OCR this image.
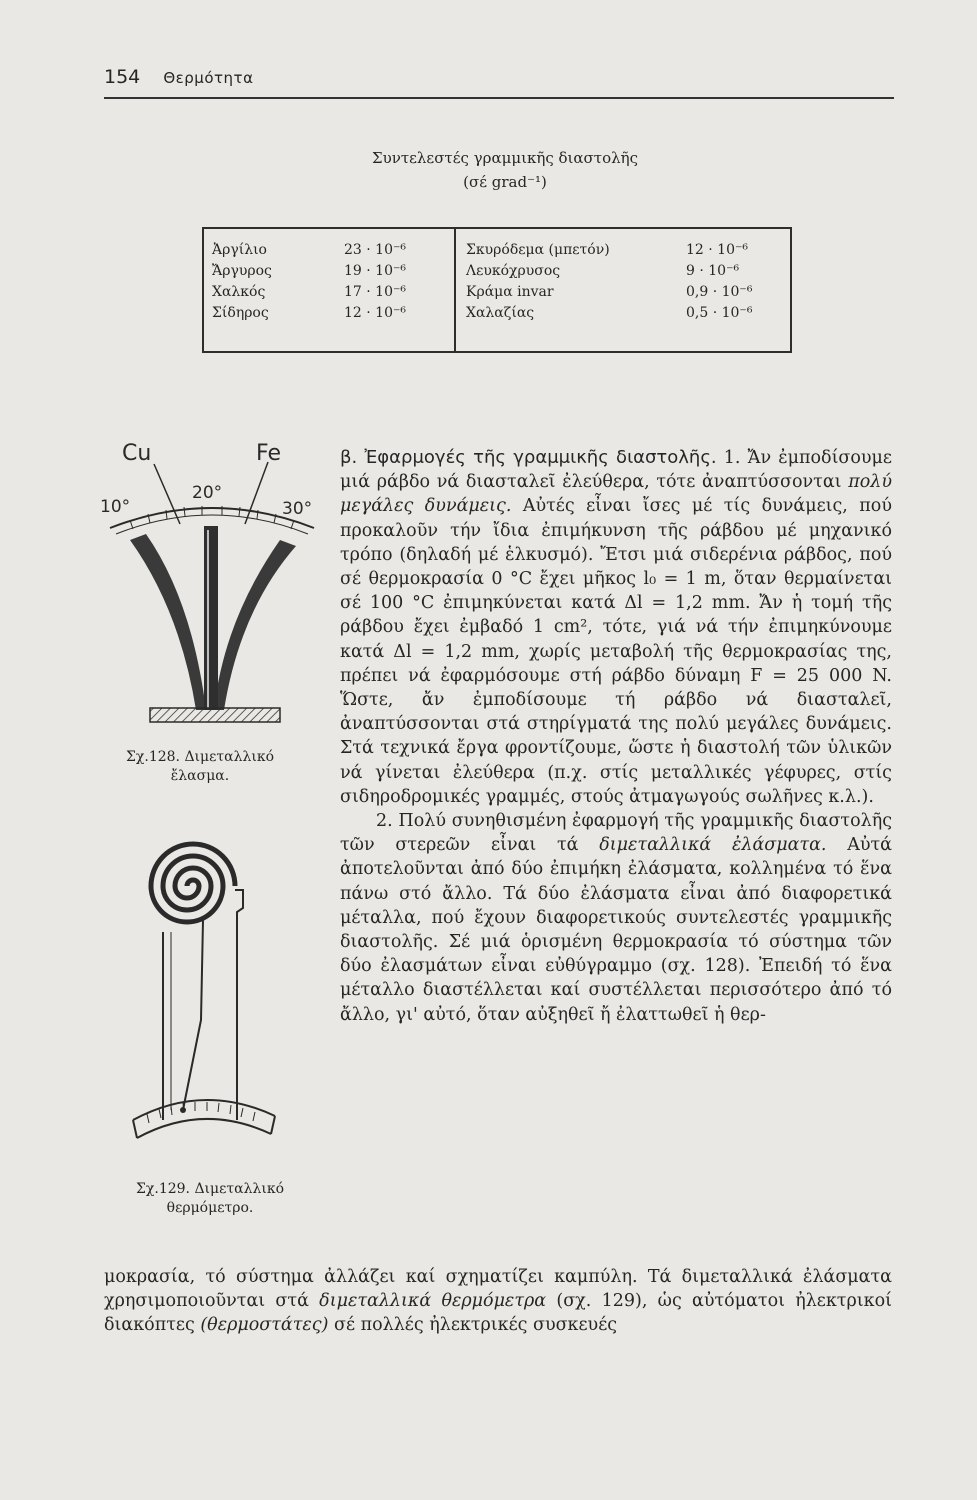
154 Θερμότητα
Συντελεστές γραμμικῆς διαστολῆς
(σέ grad⁻¹)
Ἀργίλιο	23 · 10⁻⁶
Ἄργυρος	19 · 10⁻⁶
Χαλκός	17 · 10⁻⁶
Σίδηρος	12 · 10⁻⁶
Σκυρόδεμα (μπετόν)	12 · 10⁻⁶
Λευκόχρυσος	9 · 10⁻⁶
Κράμα invar	0,9 · 10⁻⁶
Χαλαζίας	0,5 · 10⁻⁶
Cu	Fe
10°
20°
30°
Σχ.128. Διμεταλλικό
ἔλασμα.
Σχ.129. Διμεταλλικό
θερμόμετρο.

β. Ἐφαρμογές τῆς γραμμικῆς διαστολῆς. 1. Ἄν ἐμποδίσουμε μιά ράβδο νά διασταλεῖ ἐλεύθερα, τότε ἀναπτύσσονται πολύ μεγάλες δυνάμεις. Αὐτές εἶναι ἴσες μέ τίς δυνάμεις, πού προκαλοῦν τήν ἴδια ἐπιμήκυνση τῆς ράβδου μέ μηχανικό τρόπο (δηλαδή μέ ἑλκυσμό). Ἔτσι μιά σιδερένια ράβδος, πού σέ θερμοκρασία 0 °C ἔχει μῆκος l₀ = 1 m, ὅταν θερμαίνεται σέ 100 °C ἐπιμηκύνεται κατά Δl = 1,2 mm. Ἄν ἡ τομή τῆς ράβδου ἔχει ἐμβαδό 1 cm², τότε, γιά νά τήν ἐπιμηκύνουμε κατά Δl = 1,2 mm, χωρίς μεταβολή τῆς θερμοκρασίας της, πρέπει νά ἐφαρμόσουμε στή ράβδο δύναμη F = 25 000 N. Ὥστε, ἄν ἐμποδίσουμε τή ράβδο νά διασταλεῖ, ἀναπτύσσονται στά στηρίγματά της πολύ μεγάλες δυνάμεις. Στά τεχνικά ἔργα φροντίζουμε, ὥστε ἡ διαστολή τῶν ὑλικῶν νά γίνεται ἐλεύθερα (π.χ. στίς μεταλλικές γέφυρες, στίς σιδηροδρομικές γραμμές, στούς ἀτμαγωγούς σωλῆνες κ.λ.).

2. Πολύ συνηθισμένη ἐφαρμογή τῆς γραμμικῆς διαστολῆς τῶν στερεῶν εἶναι τά διμεταλλικά ἐλάσματα. Αὐτά ἀποτελοῦνται ἀπό δύο ἐπιμήκη ἐλάσματα, κολλημένα τό ἕνα πάνω στό ἄλλο. Τά δύο ἐλάσματα εἶναι ἀπό διαφορετικά μέταλλα, πού ἔχουν διαφορετικούς συντελεστές γραμμικῆς διαστολῆς. Σέ μιά ὁρισμένη θερμοκρασία τό σύστημα τῶν δύο ἐλασμάτων εἶναι εὐθύγραμμο (σχ. 128). Ἐπειδή τό ἕνα μέταλλο διαστέλλεται καί συστέλλεται περισσότερο ἀπό τό ἄλλο, γι' αὐτό, ὅταν αὐξηθεῖ ἤ ἐλαττωθεῖ ἡ θερ-

μοκρασία, τό σύστημα ἀλλάζει καί σχηματίζει καμπύλη. Τά διμεταλλικά ἐλάσματα χρησιμοποιοῦνται στά διμεταλλικά θερμόμετρα (σχ. 129), ὡς αὐτόματοι ἠλεκτρικοί διακόπτες (θερμοστάτες) σέ πολλές ἠλεκτρικές συσκευές
